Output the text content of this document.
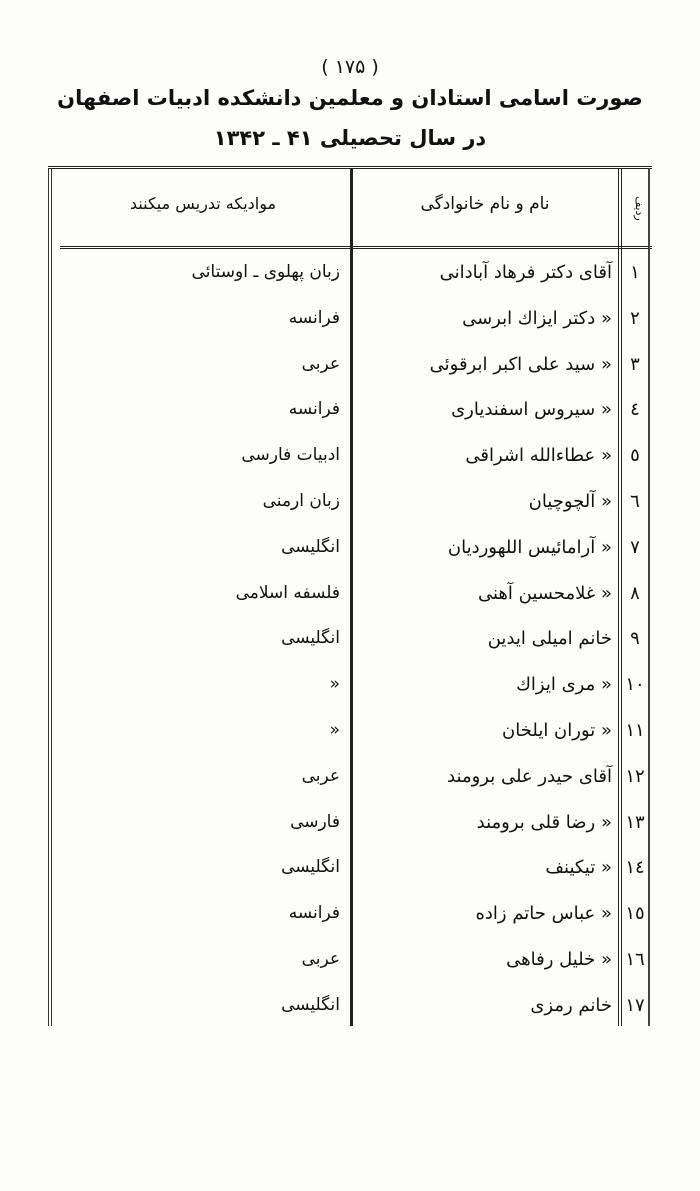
( ۱۷۵ )
صورت اسامی استادان و معلمین دانشکده ادبیات اصفهان
در سال تحصیلی ۴۱ ـ ۱۳۴۲
موادیکه تدریس میکنند	نام و نام خانوادگی	ردیف
۱
آقای دکتر فرهاد آبادانی
زبان پهلوی ـ اوستائی
۲
« دکتر ایزاك ابرسی
فرانسه
۳
« سید علی اکبر ابرقوئی
عربی
٤
« سیروس اسفندیاری
فرانسه
٥
« عطاءالله اشراقی
ادبیات فارسی
٦
« آلچوچیان
زبان ارمنی
۷
« آرامائیس اللهوردیان
انگلیسی
۸
« غلامحسین آهنی
فلسفه اسلامی
۹
خانم امیلی ایدین
انگلیسی
۱۰
« مری ایزاك
«
۱۱
« توران ایلخان
«
۱۲
آقای حیدر علی برومند
عربی
۱۳
« رضا قلی برومند
فارسی
۱٤
« تیکینف
انگلیسی
۱٥
« عباس حاتم زاده
فرانسه
۱٦
« خلیل رفاهی
عربی
۱۷
خانم رمزی
انگلیسی
